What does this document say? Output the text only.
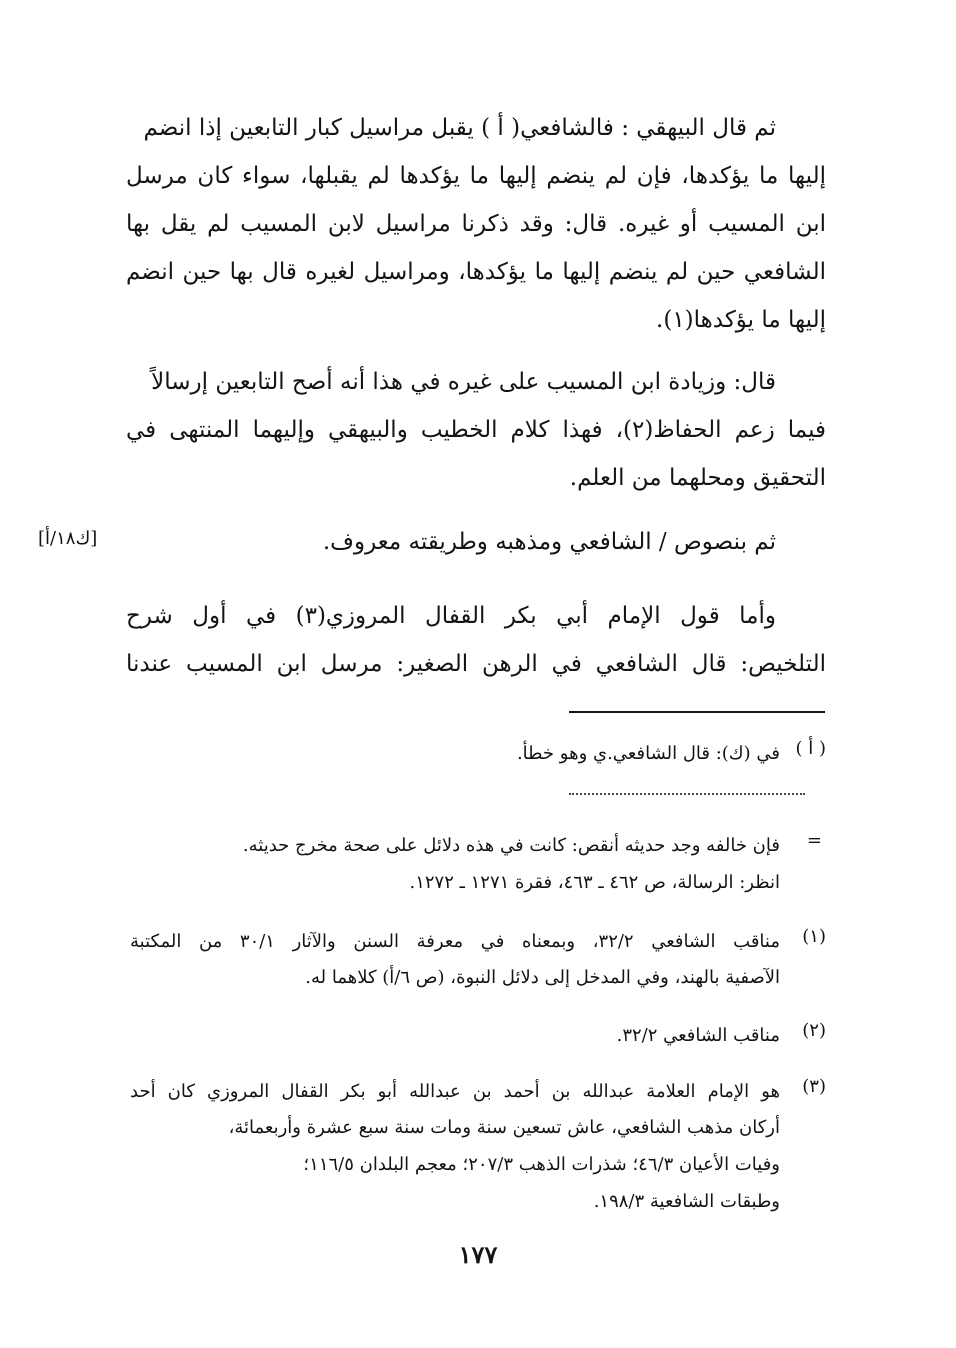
ثم قال البيهقي : فالشافعي( أ ) يقبل مراسيل كبار التابعين إذا انضم
إليها ما يؤكدها، فإن لم ينضم إليها ما يؤكدها لم يقبلها، سواء كان مرسل
ابن المسيب أو غيره. قال: وقد ذكرنا مراسيل لابن المسيب لم يقل بها
الشافعي حين لم ينضم إليها ما يؤكدها، ومراسيل لغيره قال بها حين انضم
إليها ما يؤكدها(١).
قال: وزيادة ابن المسيب على غيره في هذا أنه أصح التابعين إرسالاً
فيما زعم الحفاظ(٢)، فهذا كلام الخطيب والبيهقي وإليهما المنتهى في
التحقيق ومحلهما من العلم.
ثم بنصوص / الشافعي ومذهبه وطريقته معروف.
[ك١٨/أ]
وأما قول الإمام أبي بكر القفال المروزي(٣) في أول شرح
التلخيص: قال الشافعي في الرهن الصغير: مرسل ابن المسيب عندنا
( أ )
في (ك): قال الشافعي.ي وهو خطأ.
=
فإن خالفه وجد حديثه أنقص: كانت في هذه دلائل على صحة مخرج حديثه.
انظر: الرسالة، ص ٤٦٢ ـ ٤٦٣، فقرة ١٢٧١ ـ ١٢٧٢.
(١)
مناقب الشافعي ٣٢/٢، وبمعناه في معرفة السنن والآثار ٣٠/١ من المكتبة
الآصفية بالهند، وفي المدخل إلى دلائل النبوة، (ص ٦/أ) كلاهما له.
(٢)
مناقب الشافعي ٣٢/٢.
(٣)
هو الإمام العلامة عبدالله بن أحمد بن عبدالله أبو بكر القفال المروزي كان أحد
أركان مذهب الشافعي، عاش تسعين سنة ومات سنة سبع عشرة وأربعمائة،
وفيات الأعيان ٤٦/٣؛ شذرات الذهب ٢٠٧/٣؛ معجم البلدان ١١٦/٥؛
وطبقات الشافعية ١٩٨/٣.
١٧٧
